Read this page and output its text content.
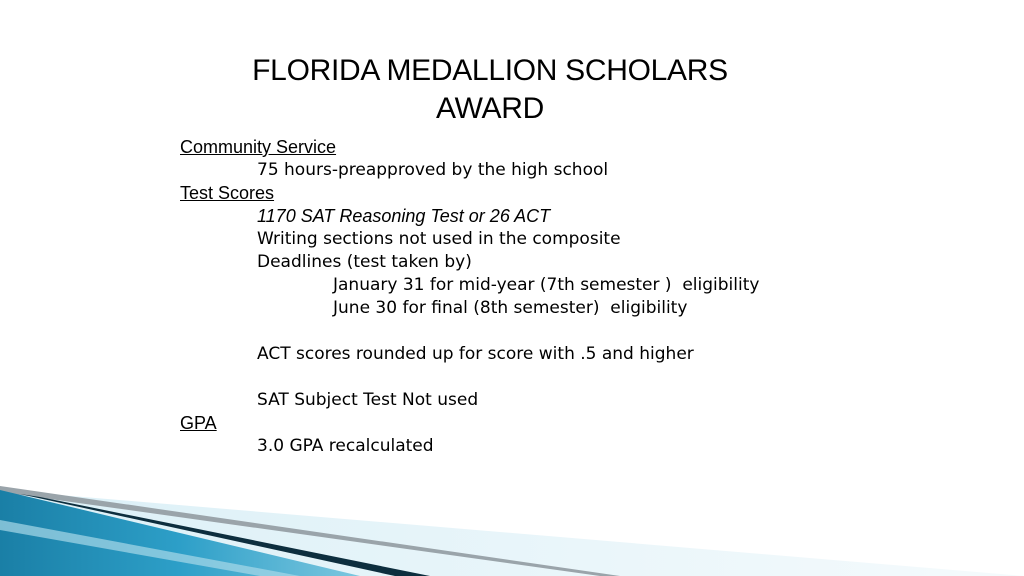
FLORIDA MEDALLION SCHOLARS
AWARD
Community Service
75 hours-preapproved by the high school
Test Scores
1170 SAT Reasoning Test or 26 ACT
Writing sections not used in the composite
Deadlines (test taken by)
January 31 for mid-year (7th semester )  eligibility
June 30 for final (8th semester)  eligibility
ACT scores rounded up for score with .5 and higher
SAT Subject Test Not used
GPA
3.0 GPA recalculated
